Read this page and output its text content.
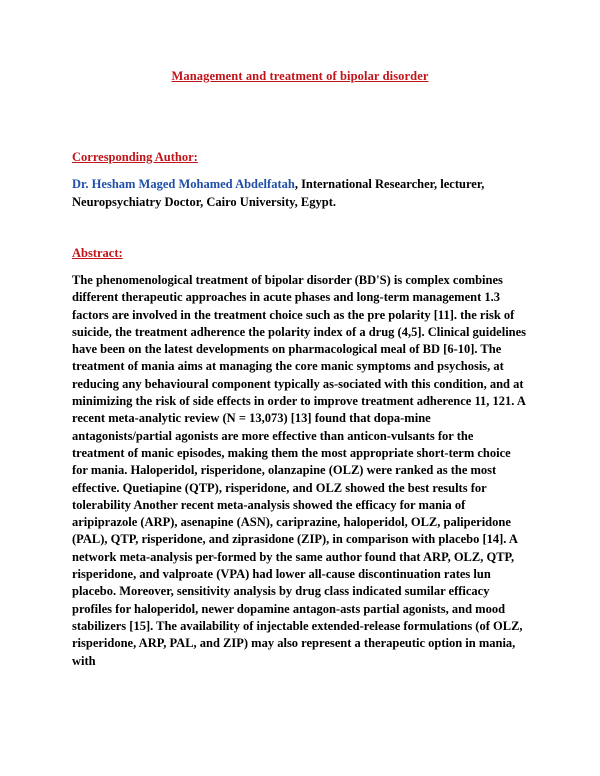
Management and treatment of bipolar disorder
Corresponding Author:
Dr. Hesham Maged Mohamed Abdelfatah, International Researcher, lecturer, Neuropsychiatry Doctor, Cairo University, Egypt.
Abstract:
The phenomenological treatment of bipolar disorder (BD'S) is complex combines different therapeutic approaches in acute phases and long-term management 1.3 factors are involved in the treatment choice such as the pre polarity [11]. the risk of suicide, the treatment adherence the polarity index of a drug (4,5]. Clinical guidelines have been on the latest developments on pharmacological meal of BD [6-10]. The treatment of mania aims at managing the core manic symptoms and psychosis, at reducing any behavioural component typically as-sociated with this condition, and at minimizing the risk of side effects in order to improve treatment adherence 11, 121. A recent meta-analytic review (N = 13,073) [13] found that dopa-mine antagonists/partial agonists are more effective than anticon-vulsants for the treatment of manic episodes, making them the most appropriate short-term choice for mania. Haloperidol, risperidone, olanzapine (OLZ) were ranked as the most effective. Quetiapine (QTP), risperidone, and OLZ showed the best results for tolerability Another recent meta-analysis showed the efficacy for mania of aripiprazole (ARP), asenapine (ASN), cariprazine, haloperidol, OLZ, paliperidone (PAL), QTP, risperidone, and ziprasidone (ZIP), in comparison with placebo [14]. A network meta-analysis per-formed by the same author found that ARP, OLZ, QTP, risperidone, and valproate (VPA) had lower all-cause discontinuation rates lun placebo. Moreover, sensitivity analysis by drug class indicated sumilar efficacy profiles for haloperidol, newer dopamine antagon-asts partial agonists, and mood stabilizers [15]. The availability of injectable extended-release formulations (of OLZ, risperidone, ARP, PAL, and ZIP) may also represent a therapeutic option in mania, with
